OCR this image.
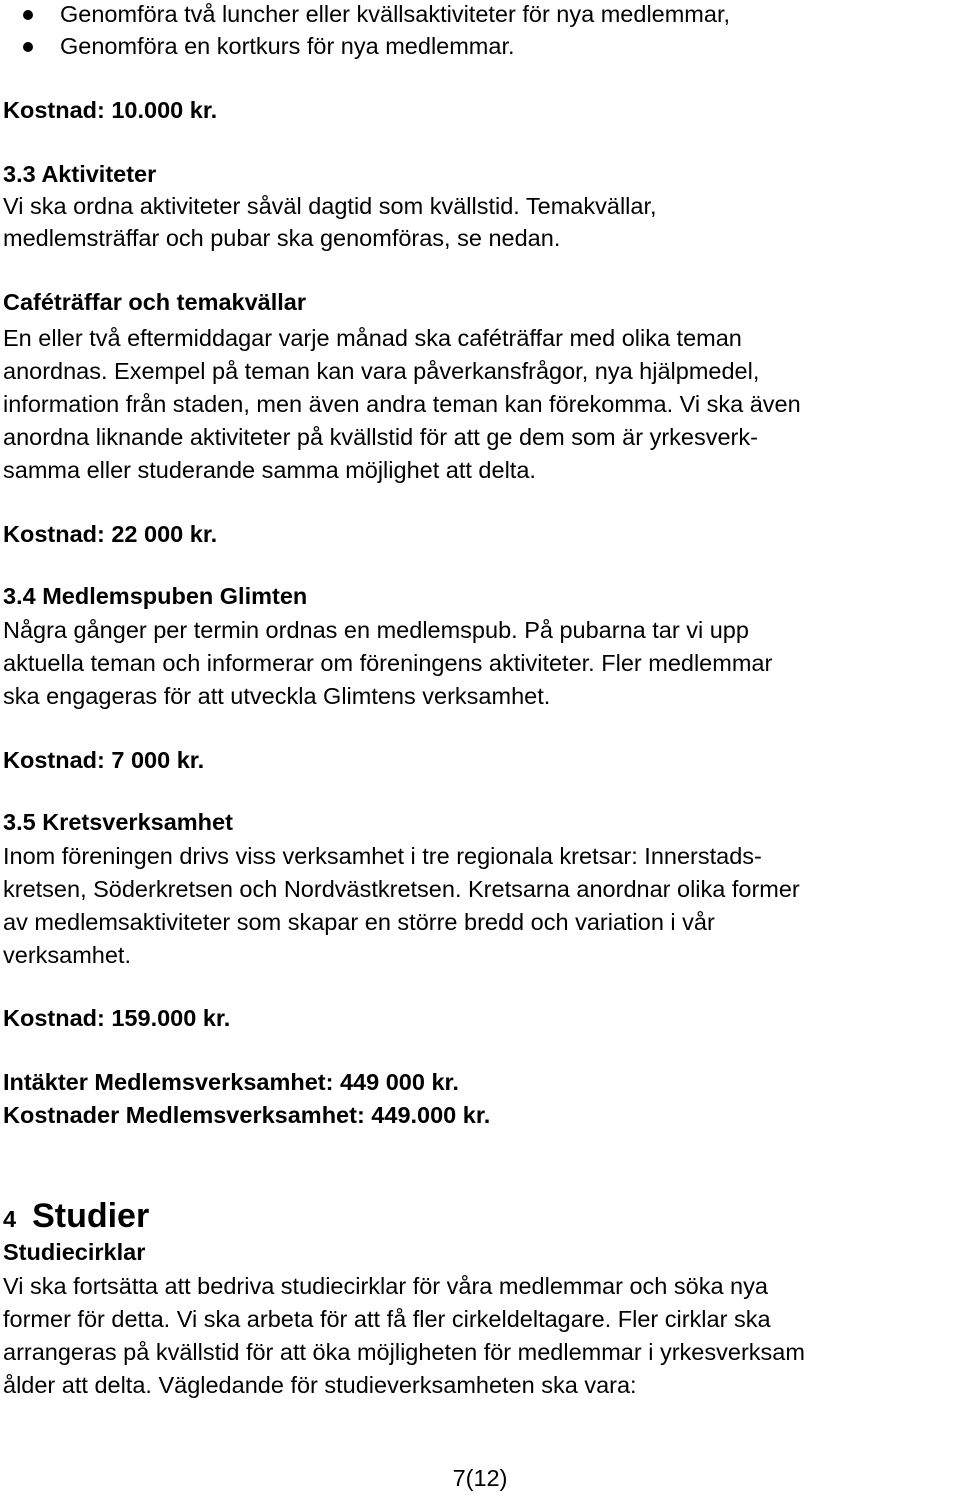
Genomföra två luncher eller kvällsaktiviteter för nya medlemmar,
Genomföra en kortkurs för nya medlemmar.
Kostnad: 10.000 kr.
3.3 Aktiviteter
Vi ska ordna aktiviteter såväl dagtid som kvällstid. Temakvällar,
medlemsträffar och pubar ska genomföras, se nedan.
Caféträffar och temakvällar
En eller två eftermiddagar varje månad ska caféträffar med olika teman
anordnas. Exempel på teman kan vara påverkansfrågor, nya hjälpmedel,
information från staden, men även andra teman kan förekomma. Vi ska även
anordna liknande aktiviteter på kvällstid för att ge dem som är yrkesverk-
samma eller studerande samma möjlighet att delta.
Kostnad: 22 000 kr.
3.4 Medlemspuben Glimten
Några gånger per termin ordnas en medlemspub. På pubarna tar vi upp
aktuella teman och informerar om föreningens aktiviteter. Fler medlemmar
ska engageras för att utveckla Glimtens verksamhet.
Kostnad: 7 000 kr.
3.5 Kretsverksamhet
Inom föreningen drivs viss verksamhet i tre regionala kretsar: Innerstads-
kretsen, Söderkretsen och Nordvästkretsen. Kretsarna anordnar olika former
av medlemsaktiviteter som skapar en större bredd och variation i vår
verksamhet.
Kostnad: 159.000 kr.
Intäkter Medlemsverksamhet: 449 000 kr.
Kostnader Medlemsverksamhet: 449.000 kr.
4 Studier
Studiecirklar
Vi ska fortsätta att bedriva studiecirklar för våra medlemmar och söka nya
former för detta. Vi ska arbeta för att få fler cirkeldeltagare. Fler cirklar ska
arrangeras på kvällstid för att öka möjligheten för medlemmar i yrkesverksam
ålder att delta. Vägledande för studieverksamheten ska vara:
7(12)
